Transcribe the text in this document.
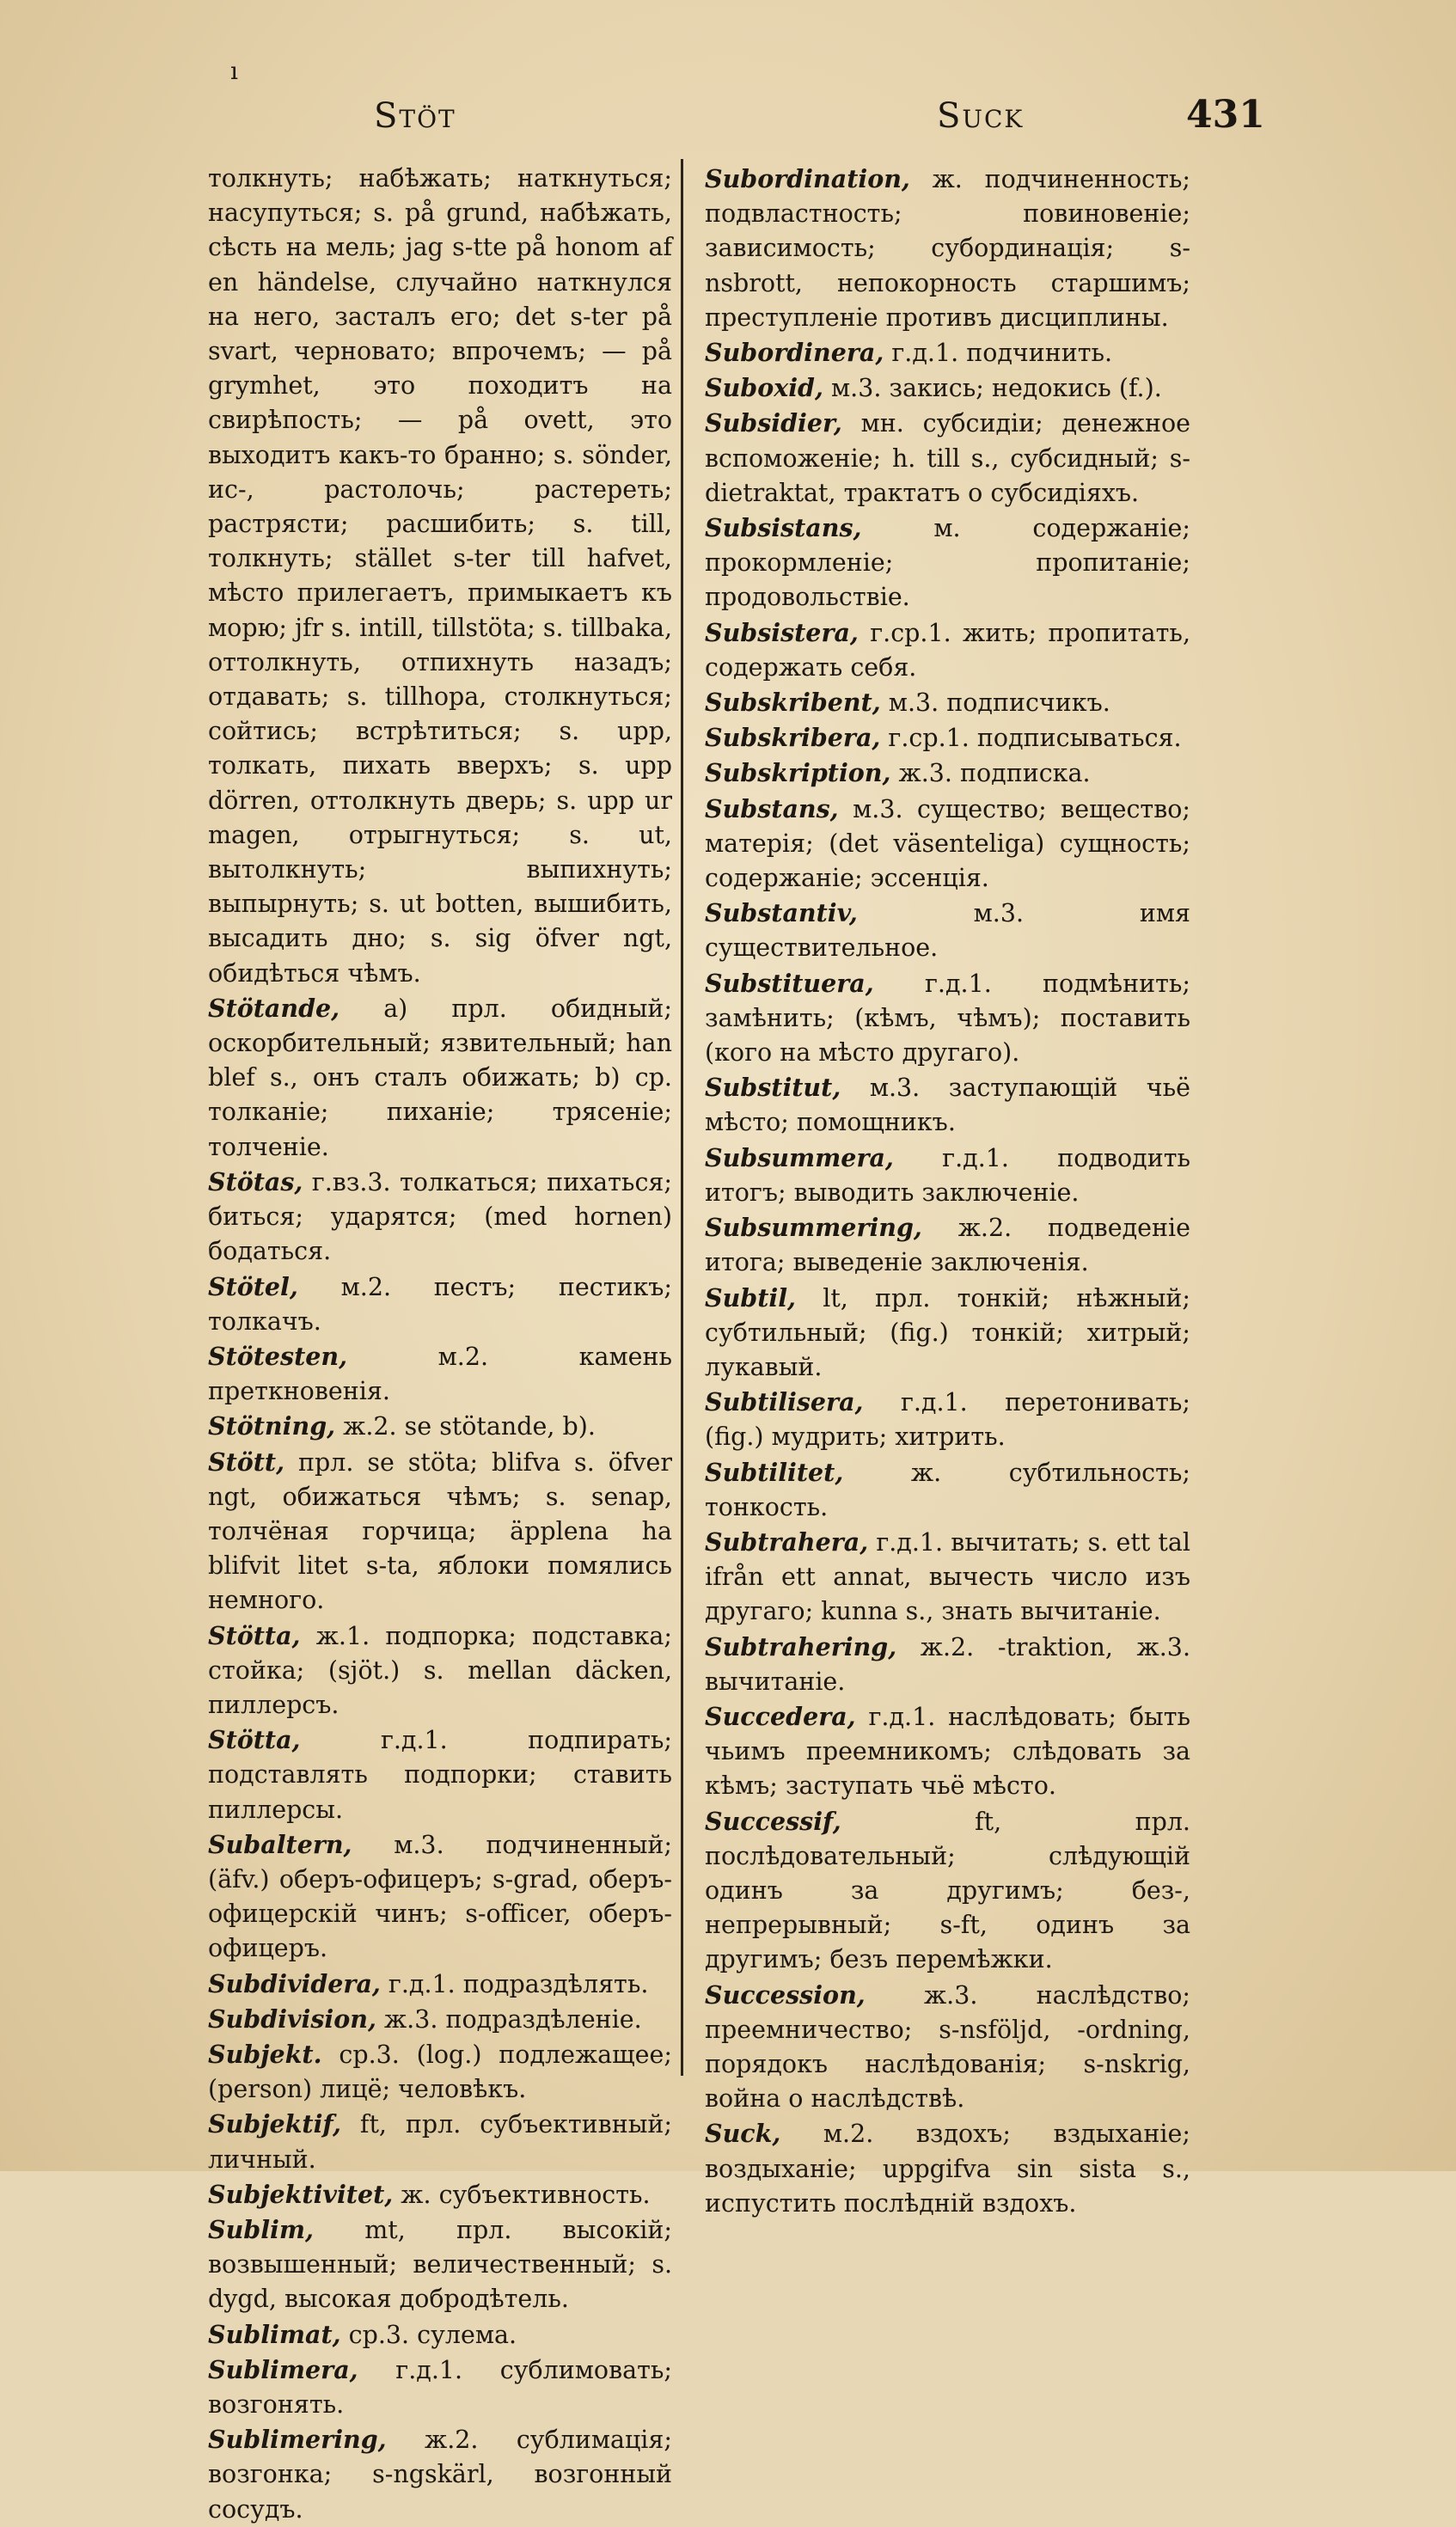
ı
Stöt	Suck	431
толкнуть; набѣжать; наткнуться; насупуться; s. på grund, набѣжать, сѣсть на мель; jag s-tte på honom af en händelse, случайно наткнулся на него, засталъ его; det s-ter på svart, черновато; впрочемъ; — på grymhet, это походитъ на свирѣпость; — på ovett, это выходитъ какъ-то бранно; s. sönder, ис-, растолочь; растереть; растрясти; расшибить; s. till, толкнуть; stället s-ter till hafvet, мѣсто прилегаетъ, примыкаетъ къ морю; jfr s. intill, tillstöta; s. tillbaka, оттолкнуть, отпихнуть назадъ; отдавать; s. tillhopa, столкнуться; сойтись; встрѣтиться; s. upp, толкать, пихать вверхъ; s. upp dörren, оттолкнуть дверь; s. upp ur magen, отрыгнуться; s. ut, вытолкнуть; выпихнуть; выпырнуть; s. ut botten, вышибить, высадить дно; s. sig öfver ngt, обидѣться чѣмъ.
Stötande, а) прл. обидный; оскорбительный; язвительный; han blef s., онъ сталъ обижать; b) ср. толканіе; пиханіе; трясеніе; толченіе.
Stötas, г.вз.3. толкаться; пихаться; биться; ударятся; (med hornen) бодаться.
Stötel, м.2. пестъ; пестикъ; толкачъ.
Stötesten,	м.2. камень преткновенія.
Stötning, ж.2. se stötande, b).
Stött, прл. se stöta; blifva s. öfver ngt, обижаться чѣмъ; s. senap, толчёная горчица; äpplena ha blifvit litet s-ta, яблоки помялись немного.
Stötta, ж.1. подпорка; подставка; стойка; (sjöt.) s. mellan däcken, пиллерсъ.
Stötta,	г.д.1. подпирать; подставлять подпорки; ставить пиллерсы.
Subaltern, м.3. подчиненный; (äfv.) оберъ-офицеръ; s-grad, оберъ-офицерскій чинъ; s-officer, оберъ-офицеръ.
Subdividera, г.д.1. подраздѣлять.
Subdivision, ж.3. подраздѣленіе.
Subjekt. ср.3. (log.) подлежащее; (person) лицё; человѣкъ.
Subjektif, ft, прл. субъективный; личный.
Subjektivitet, ж. субъективность.
Sublim, mt, прл. высокій; возвышенный; величественный; s. dygd, высокая добродѣтель.
Sublimat, ср.3. сулема.
Sublimera, г.д.1. сублимовать; возгонять.
Sublimering, ж.2. сублимація; возгонка; s-ngskärl, возгонный сосудъ.
Subordination, ж. подчиненность; подвластность; повиновеніе; зависимость; субординація; s-nsbrott, непокорность старшимъ; преступленіе противъ дисциплины.
Subordinera, г.д.1. подчинить.
Suboxid, м.3. закись; недокись (f.).
Subsidier, мн. субсидіи; денежное вспоможеніе; h. till s., субсидный; s-dietraktat, трактатъ о субсидіяхъ.
Subsistans,	м. содержаніе; прокормленіе; пропитаніе; продовольствіе.
Subsistera, г.ср.1. жить; пропитать, содержать себя.
Subskribent, м.3. подписчикъ.
Subskribera, г.ср.1. подписываться.
Subskription, ж.3. подписка.
Substans, м.3. существо; вещество; матерія; (det väsenteliga) сущность; содержаніе; эссенція.
Substantiv,	м.3. имя существительное.
Substituera, г.д.1. подмѣнить; замѣнить; (кѣмъ, чѣмъ); поставить (кого на мѣсто другаго).
Substitut, м.3. заступающій чьё мѣсто; помощникъ.
Subsummera, г.д.1. подводить итогъ; выводить заключеніе.
Subsummering, ж.2. подведеніе итога; выведеніе заключенія.
Subtil, lt, прл. тонкій; нѣжный; субтильный; (fig.) тонкій; хитрый; лукавый.
Subtilisera, г.д.1. перетонивать; (fig.) мудрить; хитрить.
Subtilitet,	ж. субтильность; тонкость.
Subtrahera, г.д.1. вычитать; s. ett tal ifrån ett annat, вычесть число изъ другаго; kunna s., знать вычитаніе.
Subtrahering, ж.2. -traktion, ж.3. вычитаніе.
Succedera, г.д.1. наслѣдовать; быть чьимъ преемникомъ; слѣдовать за кѣмъ; заступать чьё мѣсто.
Successif,	ft, прл. послѣдовательный; слѣдующій одинъ за другимъ; без-, непрерывный; s-ft, одинъ за другимъ; безъ перемѣжки.
Succession, ж.3. наслѣдство; преемничество; s-nsföljd, -ordning, порядокъ наслѣдованія; s-nskrig, война о наслѣдствѣ.
Suck, м.2. вздохъ; вздыханіе; воздыханіе; uppgifva sin sista s., испустить послѣдній вздохъ.
